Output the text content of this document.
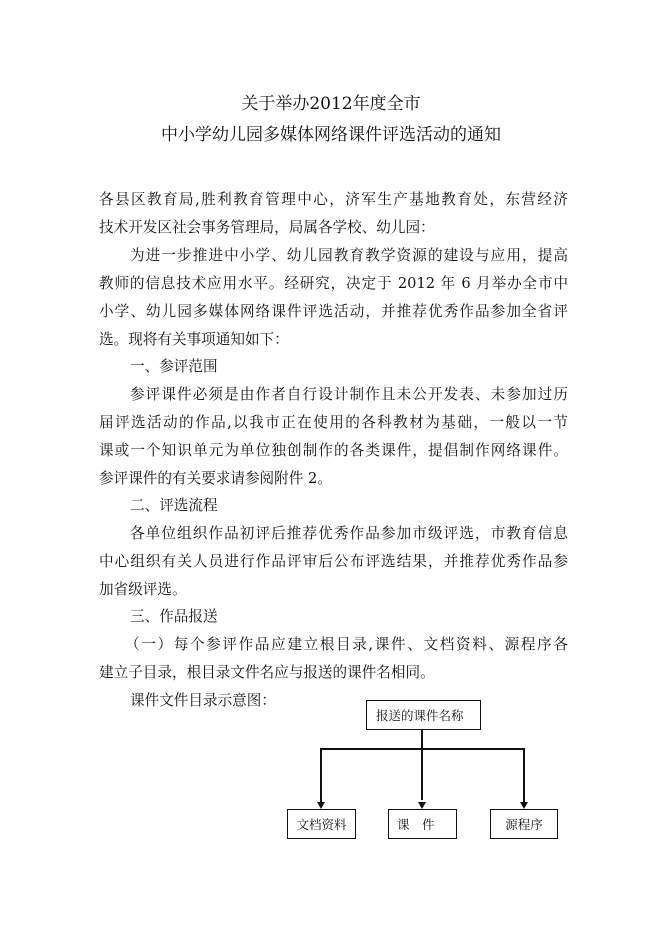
关于举办2012年度全市
中小学幼儿园多媒体网络课件评选活动的通知
各县区教育局,胜利教育管理中心，济军生产基地教育处，东营经济
技术开发区社会事务管理局，局属各学校、幼儿园：
为进一步推进中小学、幼儿园教育教学资源的建设与应用，提高
教师的信息技术应用水平。经研究，决定于 2012 年 6 月举办全市中
小学、幼儿园多媒体网络课件评选活动，并推荐优秀作品参加全省评
选。现将有关事项通知如下：
一、参评范围
参评课件必须是由作者自行设计制作且未公开发表、未参加过历
届评选活动的作品,以我市正在使用的各科教材为基础，一般以一节
课或一个知识单元为单位独创制作的各类课件，提倡制作网络课件。
参评课件的有关要求请参阅附件 2。
二、评选流程
各单位组织作品初评后推荐优秀作品参加市级评选，市教育信息
中心组织有关人员进行作品评审后公布评选结果，并推荐优秀作品参
加省级评选。
三、作品报送
（一）每个参评作品应建立根目录,课件、文档资料、源程序各
建立子目录，根目录文件名应与报送的课件名相同。
课件文件目录示意图：
报送的课件名称
文档资料	课　件	源程序
